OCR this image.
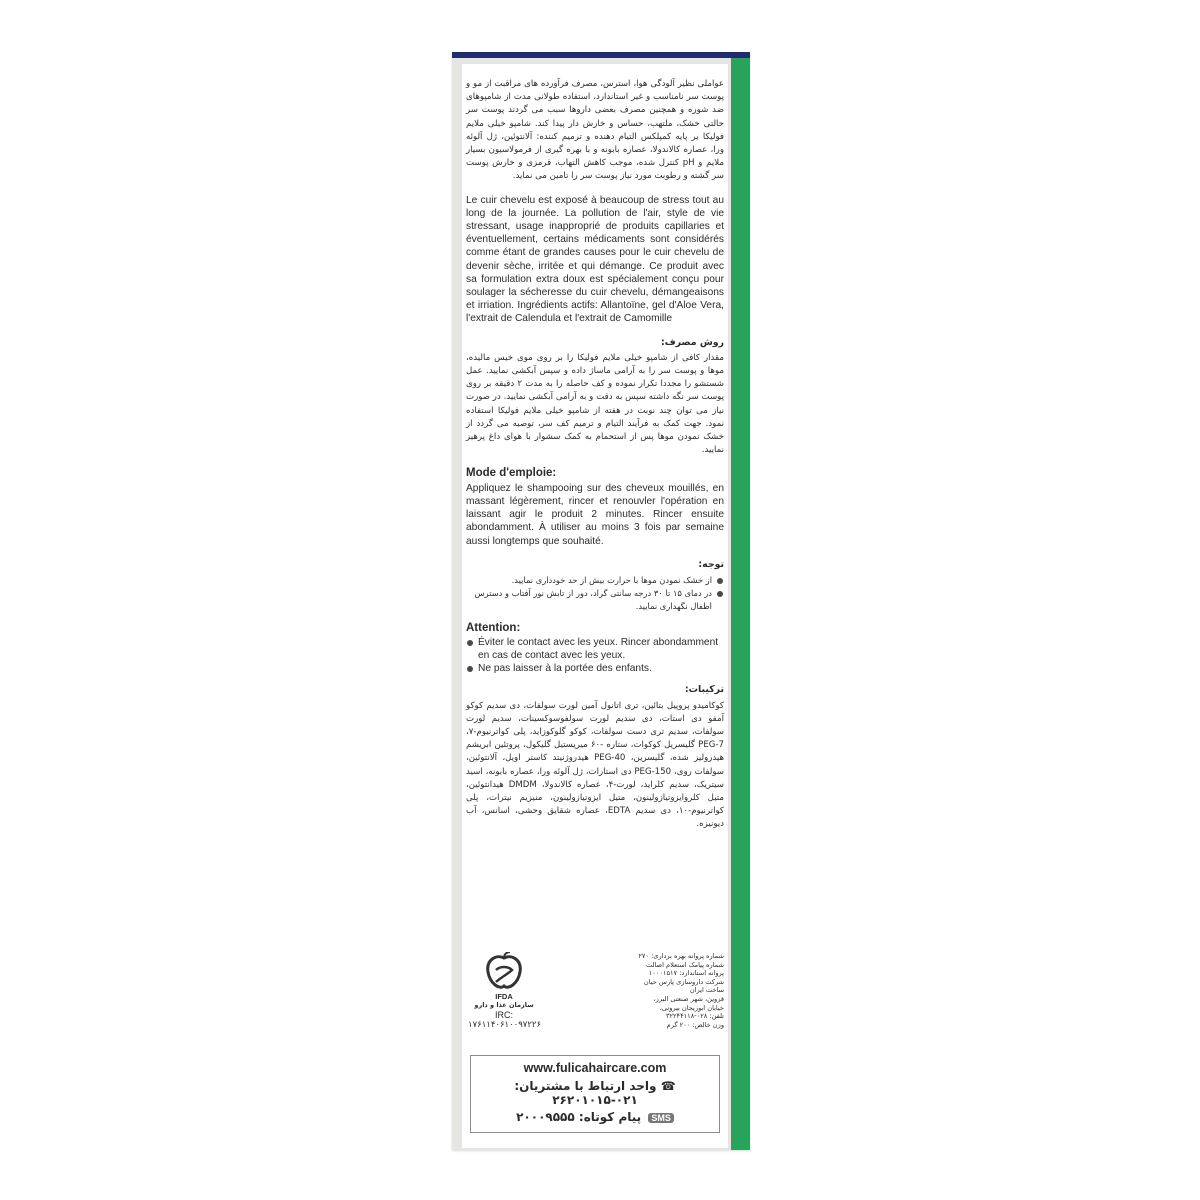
عواملی نظیر آلودگی هوا، استرس، مصرف فرآورده های مراقبت از مو و پوست سر نامناسب و غیر استاندارد، استفاده طولانی مدت از شامپوهای ضد شوره و همچنین مصرف بعضی داروها سبب می گردند پوست سر حالتی خشک، ملتهب، حساس و خارش دار پیدا کند. شامپو خیلی ملایم فولیکا بر پایه کمپلکس التیام دهنده و ترمیم کننده: آلانتوئین، ژل آلوئه ورا، عصاره کالاندولا، عصاره بابونه و با بهره گیری از فرمولاسیون بسیار ملایم و pH کنترل شده، موجب کاهش التهاب، قرمزی و خارش پوست سر گشته و رطوبت مورد نیاز پوست سر را تامین می نماید.

Le cuir chevelu est exposé à beaucoup de stress tout au long de la journée. La pollution de l'air, style de vie stressant, usage inapproprié de produits capillaries et éventuellement, certains médicaments sont considérés comme étant de grandes causes pour le cuir chevelu de devenir sèche, irritée et qui démange. Ce produit avec sa formulation extra doux est spécialement conçu pour soulager la sécheresse du cuir chevelu, démangeaisons et irriation. Ingrédients actifs: Allantoïne, gel d'Aloe Vera, l'extrait de Calendula et l'extrait de Camomille

روش مصرف:

مقدار کافی از شامپو خیلی ملایم فولیکا را بر روی موی خیس مالیده، موها و پوست سر را به آرامی ماساژ داده و سپس آبکشی نمایید. عمل شستشو را مجددا تکرار نموده و کف حاصله را به مدت ۲ دقیقه بر روی پوست سر نگه داشته سپس به دقت و به آرامی آبکشی نمایید. در صورت نیاز می توان چند نوبت در هفته از شامپو خیلی ملایم فولیکا استفاده نمود. جهت کمک به فرآیند التیام و ترمیم کف سر، توصیه می گردد از خشک نمودن موها پس از استحمام به کمک سشوار با هوای داغ پرهیز نمایید.

Mode d'emploie:

Appliquez le shampooing sur des cheveux mouillés, en massant légèrement, rincer et renouvler l'opération en laissant agir le produit 2 minutes. Rincer ensuite abondamment. À utiliser au moins 3 fois par semaine aussi longtemps que souhaité.

توجه:
از خشک نمودن موها با حرارت بیش از حد خودداری نمایید.
در دمای ۱۵ تا ۳۰ درجه سانتی گراد، دور از تابش نور آفتاب و دسترس اطفال نگهداری نمایید.
Attention:
Éviter le contact avec les yeux. Rincer abondamment en cas de contact avec les yeux.
Ne pas laisser à la portée des enfants.
ترکیبات:

کوکامیدو پروپیل بتائین، تری اتانول آمین لورت سولفات، دی سدیم کوکو آمفو دی استات، دی سدیم لورت سولفوسوکسینات، سدیم لورت سولفات، سدیم تری دست سولفات، کوکو گلوکوزاید، پلی کواترنیوم-۷، PEG-7 گلیسریل کوکوات، ستاره -۶۰ میریستیل گلیکول، پروتئین ابریشم هیدرولیز شده، گلیسرین، PEG-40 هیدروژنیتد کاستر اویل، آلانتوئین، سولفات روی، PEG-150 دی استارات، ژل آلوئه ورا، عصاره بابونه، اسید سیتریک، سدیم کلراید، لورت-۴، عصاره کالاندولا، DMDM هیدانتوئین، متیل کلروایزوتیازولینون، متیل ایزوتیازولینون، منیزیم نیترات، پلی کواترنیوم-۱۰، دی سدیم EDTA، عصاره شقایق وحشی، اسانس، آب دیونیزه.

IFDA
سازمان غذا و دارو
IRC:
۱۷۶۱۱۴۰۶۱۰۰۹۷۲۲۶
شماره پروانه بهره برداری: ۲۷۰
شماره پیامک استعلام اصالت
پروانه استاندارد: ۱۰۰۰۱۵۱۷
شرکت داروسازی پارس حیان
ساخت ایران
قزوین، شهر صنعتی البرز،
خیابان ابوریحان بیرونی،
تلفن: ۰۲۸-۳۲۲۴۴۱۱۸
وزن خالص: ۲۰۰ گرم
www.fulicahaircare.com
☎ واحد ارتباط با مشتریان: ۰۲۱-۲۶۲۰۱۰۱۵
SMS پیام کوتاه: ۲۰۰۰۹۵۵۵
